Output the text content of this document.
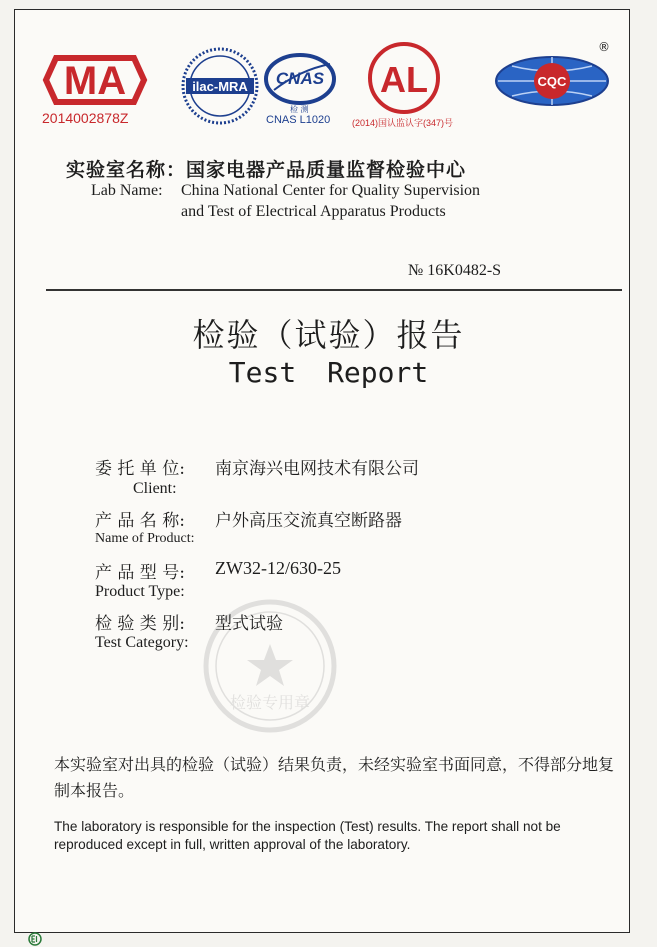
MA
2014002878Z
ilac-MRA CNAS
检 测
CNAS L1020
AL
(2014)国认监认字(347)号
CQC
®
实验室名称：国家电器产品质量监督检验中心
Lab Name: China National Center for Quality Supervision
and Test of Electrical Apparatus Products
№ 16K0482-S
检验（试验）报告
Test Report
检验专用章
委 托 单 位: 南京海兴电网技术有限公司
Client:
产 品 名 称: 户外高压交流真空断路器
Name of Product:
产 品 型 号: ZW32-12/630-25
Product Type:
检 验 类 别: 型式试验
Test Category:
本实验室对出具的检验（试验）结果负责，未经实验室书面同意，不得部分地复制本报告。
The laboratory is responsible for the inspection (Test) results. The report shall not be reproduced except in full, written approval of the laboratory.
